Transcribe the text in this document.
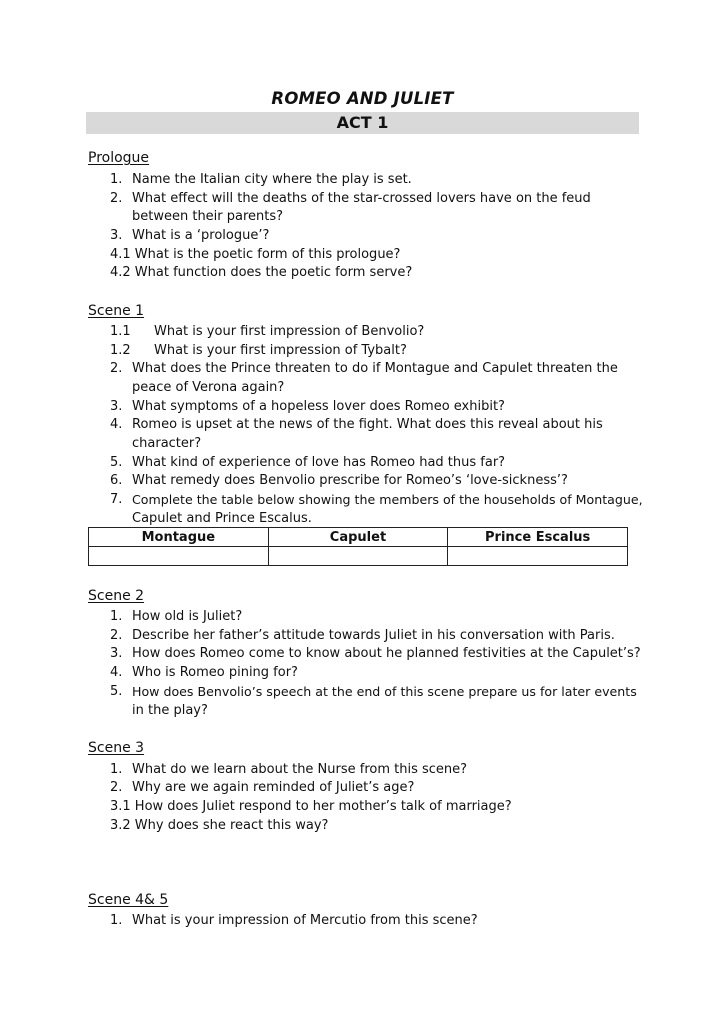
ROMEO AND JULIET
ACT 1
Prologue
1. Name the Italian city where the play is set.
2. What effect will the deaths of the star-crossed lovers have on the feud
between their parents?
3. What is a ‘prologue’?
4.1 What is the poetic form of this prologue?
4.2 What function does the poetic form serve?
Scene 1
1.1 What is your first impression of Benvolio?
1.2 What is your first impression of Tybalt?
2. What does the Prince threaten to do if Montague and Capulet threaten the
peace of Verona again?
3. What symptoms of a hopeless lover does Romeo exhibit?
4. Romeo is upset at the news of the fight. What does this reveal about his
character?
5. What kind of experience of love has Romeo had thus far?
6. What remedy does Benvolio prescribe for Romeo’s ‘love-sickness’?
7. Complete the table below showing the members of the households of Montague,
Capulet and Prince Escalus.
Montague	Capulet	Prince Escalus

Scene 2
1. How old is Juliet?
2. Describe her father’s attitude towards Juliet in his conversation with Paris.
3. How does Romeo come to know about he planned festivities at the Capulet’s?
4. Who is Romeo pining for?
5. How does Benvolio’s speech at the end of this scene prepare us for later events
in the play?
Scene 3
1. What do we learn about the Nurse from this scene?
2. Why are we again reminded of Juliet’s age?
3.1 How does Juliet respond to her mother’s talk of marriage?
3.2 Why does she react this way?
Scene 4& 5
1. What is your impression of Mercutio from this scene?
